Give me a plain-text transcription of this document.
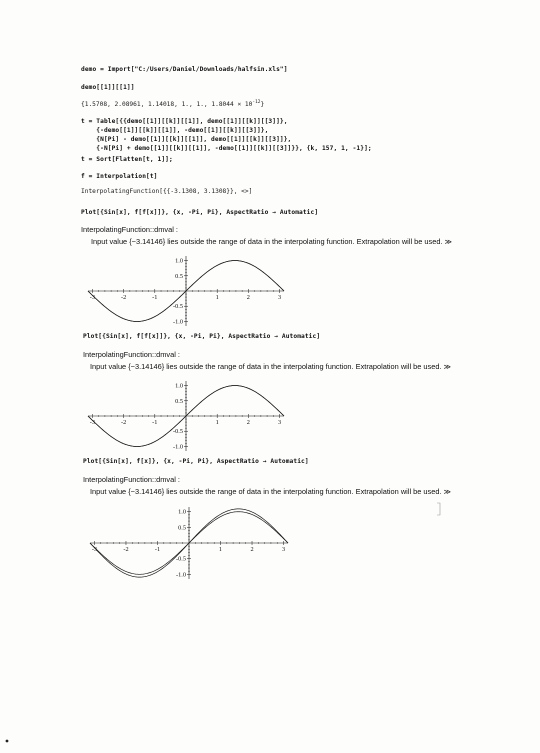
demo = Import["C:/Users/Daniel/Downloads/halfsin.xls"]
demo[[1]][[1]]
{1.5708, 2.08961, 1.14018, 1., 1., $1.8044 \times 10^{-12}$}
t = Table[{{demo[[1]][[k]][[1]], demo[[1]][[k]][[3]]},
{-demo[[1]][[k]][[1]], -demo[[1]][[k]][[3]]},
{N[Pi] - demo[[1]][[k]][[1]], demo[[1]][[k]][[3]]},
{-N[Pi] + demo[[1]][[k]][[1]], -demo[[1]][[k]][[3]]}}, {k, 157, 1, -1}];
t = Sort[Flatten[t, 1]];
f = Interpolation[t]
InterpolatingFunction[{{-3.1308, 3.1308}}, <>]
Plot[{Sin[x], f[f[x]]}, {x, -Pi, Pi}, AspectRatio → Automatic]
InterpolatingFunction::dmval :
Input value {−3.14146} lies outside the range of data in the interpolating function. Extrapolation will be used. ≫
-3	-2	-1	1	2	3
1.0
0.5
-0.5
-1.0
Plot[{Sin[x], f[f[x]]}, {x, -Pi, Pi}, AspectRatio → Automatic]
InterpolatingFunction::dmval :
Input value {−3.14146} lies outside the range of data in the interpolating function. Extrapolation will be used. ≫
-3	-2	-1	1	2	3
1.0
0.5
-0.5
-1.0
Plot[{Sin[x], f[x]}, {x, -Pi, Pi}, AspectRatio → Automatic]
InterpolatingFunction::dmval :
Input value {−3.14146} lies outside the range of data in the interpolating function. Extrapolation will be used. ≫
-3	-2	-1	1	2	3
1.0
0.5
-0.5
-1.0
